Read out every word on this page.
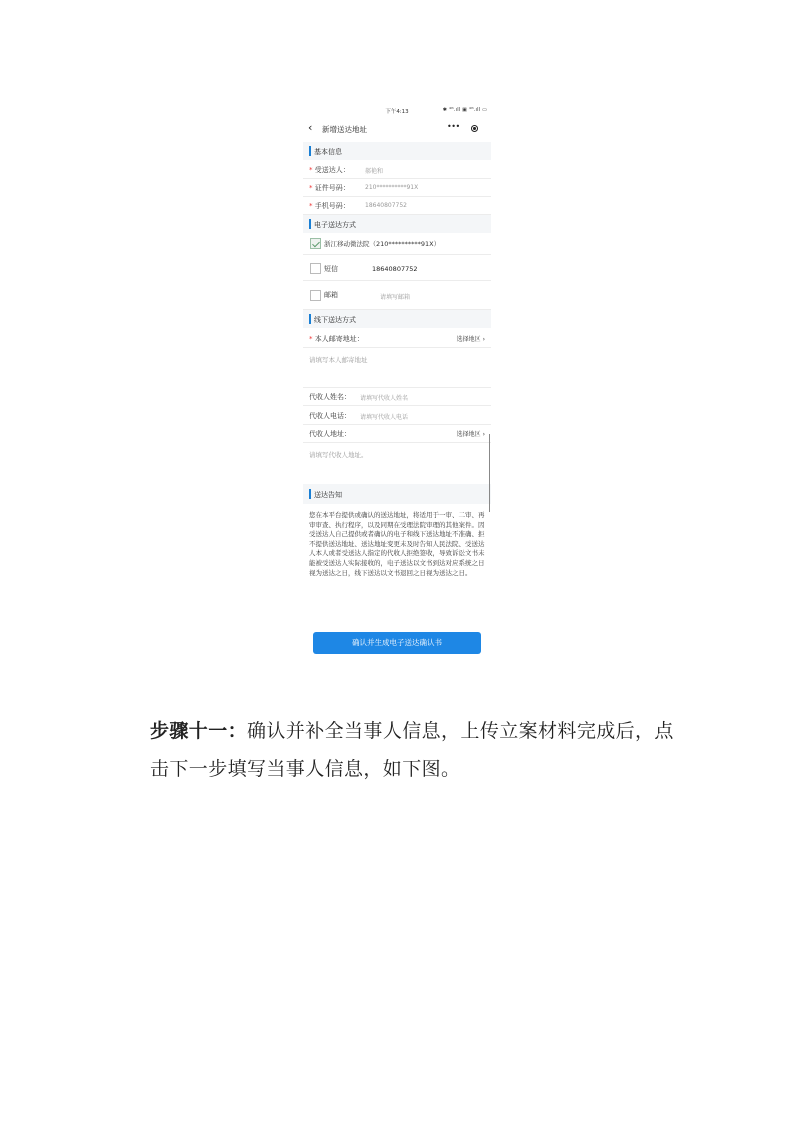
下午4:13	✱ ⁴ᴳ.ıll ▣ ⁴ᴳ.ıll ▭
‹ 新增送达地址	•••
基本信息
* 受送达人：	郝艳和
* 证件号码：	210**********91X
* 手机号码：	18640807752
电子送达方式
浙江移动微法院（210**********91X）
短信	18640807752
邮箱	请填写邮箱
线下送达方式
* 本人邮寄地址：	选择地区 ›
请填写本人邮寄地址
代收人姓名： 请填写代收人姓名
代收人电话： 请填写代收人电话
代收人地址：	选择地区 ›
请填写代收人地址。
送达告知
您在本平台提供或确认的送达地址，将适用于一审、二审、再审审查、执行程序，以及同期在受理法院审理的其他案件。因受送达人自己提供或者确认的电子和线下送达地址不准确、拒不提供送达地址、送达地址变更未及时告知人民法院、受送达人本人或者受送达人指定的代收人拒绝签收，导致诉讼文书未能被受送达人实际接收的，电子送达以文书到达对应系统之日视为送达之日，线下送达以文书退回之日视为送达之日。
确认并生成电子送达确认书
步骤十一：确认并补全当事人信息，上传立案材料完成后，点击下一步填写当事人信息，如下图。
